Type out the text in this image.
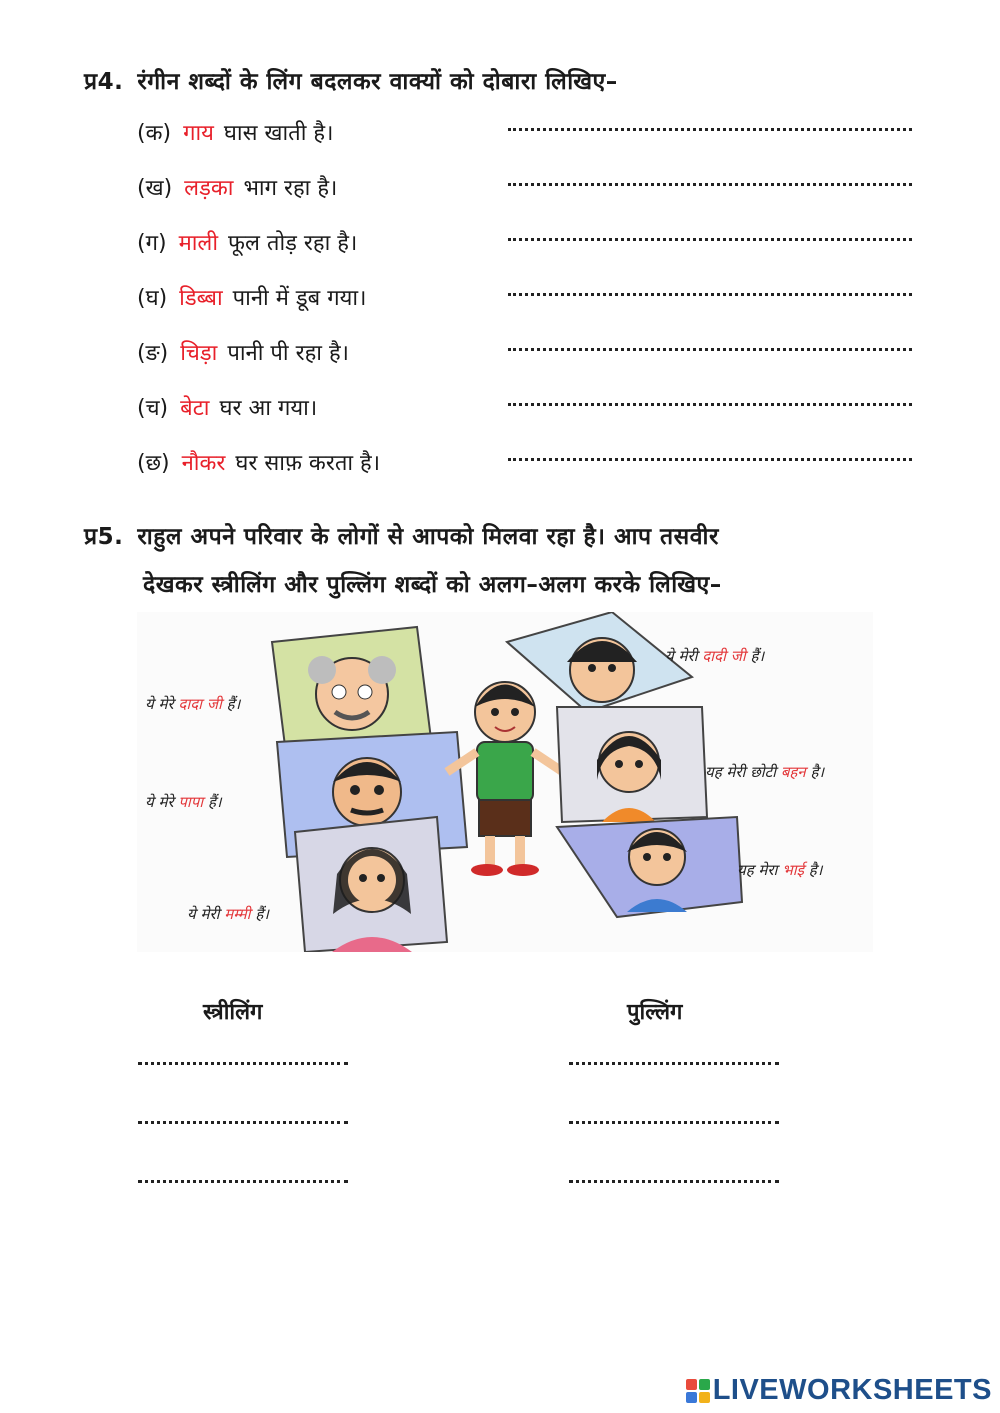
प्र4. रंगीन शब्दों के लिंग बदलकर वाक्यों को दोबारा लिखिए–
(क) गाय घास खाती है।
(ख) लड़का भाग रहा है।
(ग) माली फूल तोड़ रहा है।
(घ) डिब्बा पानी में डूब गया।
(ङ) चिड़ा पानी पी रहा है।
(च) बेटा घर आ गया।
(छ) नौकर घर साफ़ करता है।
प्र5. राहुल अपने परिवार के लोगों से आपको मिलवा रहा है। आप तसवीर
देखकर स्त्रीलिंग और पुल्लिंग शब्दों को अलग–अलग करके लिखिए–
ये मेरे दादा जी हैं।
ये मेरे पापा हैं।
ये मेरी मम्मी हैं।
ये मेरी दादी जी हैं।
यह मेरी छोटी बहन है।
यह मेरा भाई है।
स्त्रीलिंग	पुल्लिंग
LIVEWORKSHEETS
